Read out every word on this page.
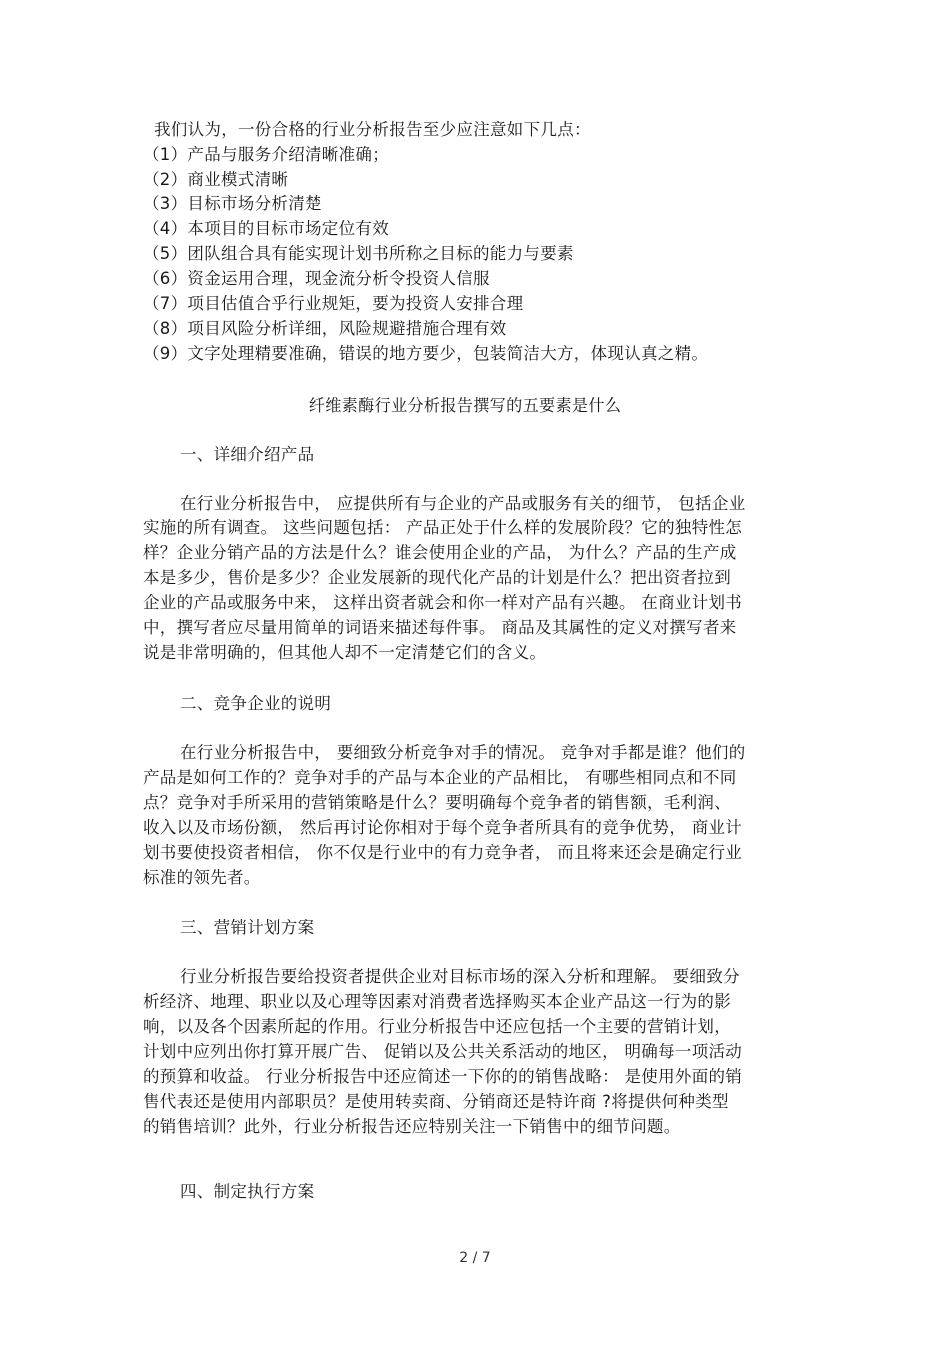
我们认为，一份合格的行业分析报告至少应注意如下几点：
（1）产品与服务介绍清晰准确；
（2）商业模式清晰
（3）目标市场分析清楚
（4）本项目的目标市场定位有效
（5）团队组合具有能实现计划书所称之目标的能力与要素
（6）资金运用合理，现金流分析令投资人信服
（7）项目估值合乎行业规矩，要为投资人安排合理
（8）项目风险分析详细，风险规避措施合理有效
（9）文字处理精要准确，错误的地方要少，包装简洁大方，体现认真之精。
纤维素酶行业分析报告撰写的五要素是什么
一、详细介绍产品
在行业分析报告中， 应提供所有与企业的产品或服务有关的细节， 包括企业
实施的所有调查。 这些问题包括： 产品正处于什么样的发展阶段？它的独特性怎
样？企业分销产品的方法是什么？谁会使用企业的产品， 为什么？产品的生产成
本是多少，售价是多少？企业发展新的现代化产品的计划是什么？把出资者拉到
企业的产品或服务中来， 这样出资者就会和你一样对产品有兴趣。 在商业计划书
中，撰写者应尽量用简单的词语来描述每件事。 商品及其属性的定义对撰写者来
说是非常明确的，但其他人却不一定清楚它们的含义。
二、竞争企业的说明
在行业分析报告中， 要细致分析竞争对手的情况。 竞争对手都是谁？他们的
产品是如何工作的？竞争对手的产品与本企业的产品相比， 有哪些相同点和不同
点？竞争对手所采用的营销策略是什么？要明确每个竞争者的销售额，毛利润、
收入以及市场份额， 然后再讨论你相对于每个竞争者所具有的竞争优势， 商业计
划书要使投资者相信， 你不仅是行业中的有力竞争者， 而且将来还会是确定行业
标准的领先者。
三、营销计划方案
行业分析报告要给投资者提供企业对目标市场的深入分析和理解。 要细致分
析经济、地理、职业以及心理等因素对消费者选择购买本企业产品这一行为的影
响，以及各个因素所起的作用。行业分析报告中还应包括一个主要的营销计划，
计划中应列出你打算开展广告、 促销以及公共关系活动的地区， 明确每一项活动
的预算和收益。 行业分析报告中还应简述一下你的的销售战略： 是使用外面的销
售代表还是使用内部职员？是使用转卖商、分销商还是特许商 ?将提供何种类型
的销售培训？此外，行业分析报告还应特别关注一下销售中的细节问题。
四、制定执行方案
2 / 7
